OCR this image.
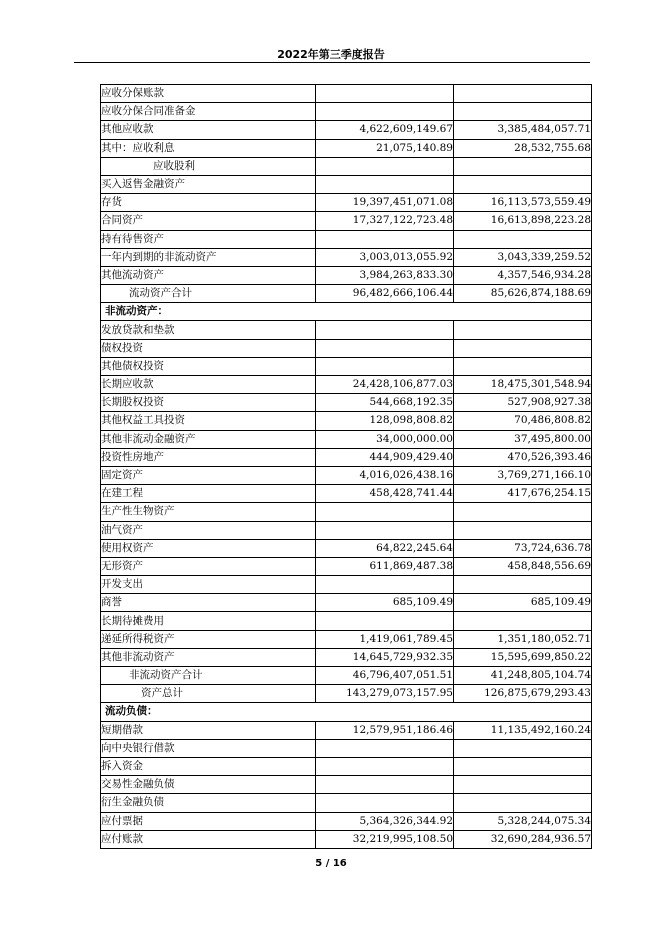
2022年第三季度报告
应收分保账款		
应收分保合同准备金		
其他应收款	4,622,609,149.67	3,385,484,057.71
其中：应收利息	21,075,140.89	28,532,755.68
应收股利		
买入返售金融资产		
存货	19,397,451,071.08	16,113,573,559.49
合同资产	17,327,122,723.48	16,613,898,223.28
持有待售资产		
一年内到期的非流动资产	3,003,013,055.92	3,043,339,259.52
其他流动资产	3,984,263,833.30	4,357,546,934.28
流动资产合计	96,482,666,106.44	85,626,874,188.69
非流动资产：		
发放贷款和垫款		
债权投资		
其他债权投资		
长期应收款	24,428,106,877.03	18,475,301,548.94
长期股权投资	544,668,192.35	527,908,927.38
其他权益工具投资	128,098,808.82	70,486,808.82
其他非流动金融资产	34,000,000.00	37,495,800.00
投资性房地产	444,909,429.40	470,526,393.46
固定资产	4,016,026,438.16	3,769,271,166.10
在建工程	458,428,741.44	417,676,254.15
生产性生物资产		
油气资产		
使用权资产	64,822,245.64	73,724,636.78
无形资产	611,869,487.38	458,848,556.69
开发支出		
商誉	685,109.49	685,109.49
长期待摊费用		
递延所得税资产	1,419,061,789.45	1,351,180,052.71
其他非流动资产	14,645,729,932.35	15,595,699,850.22
非流动资产合计	46,796,407,051.51	41,248,805,104.74
资产总计	143,279,073,157.95	126,875,679,293.43
流动负债：		
短期借款	12,579,951,186.46	11,135,492,160.24
向中央银行借款		
拆入资金		
交易性金融负债		
衍生金融负债		
应付票据	5,364,326,344.92	5,328,244,075.34
应付账款	32,219,995,108.50	32,690,284,936.57
5 / 16
